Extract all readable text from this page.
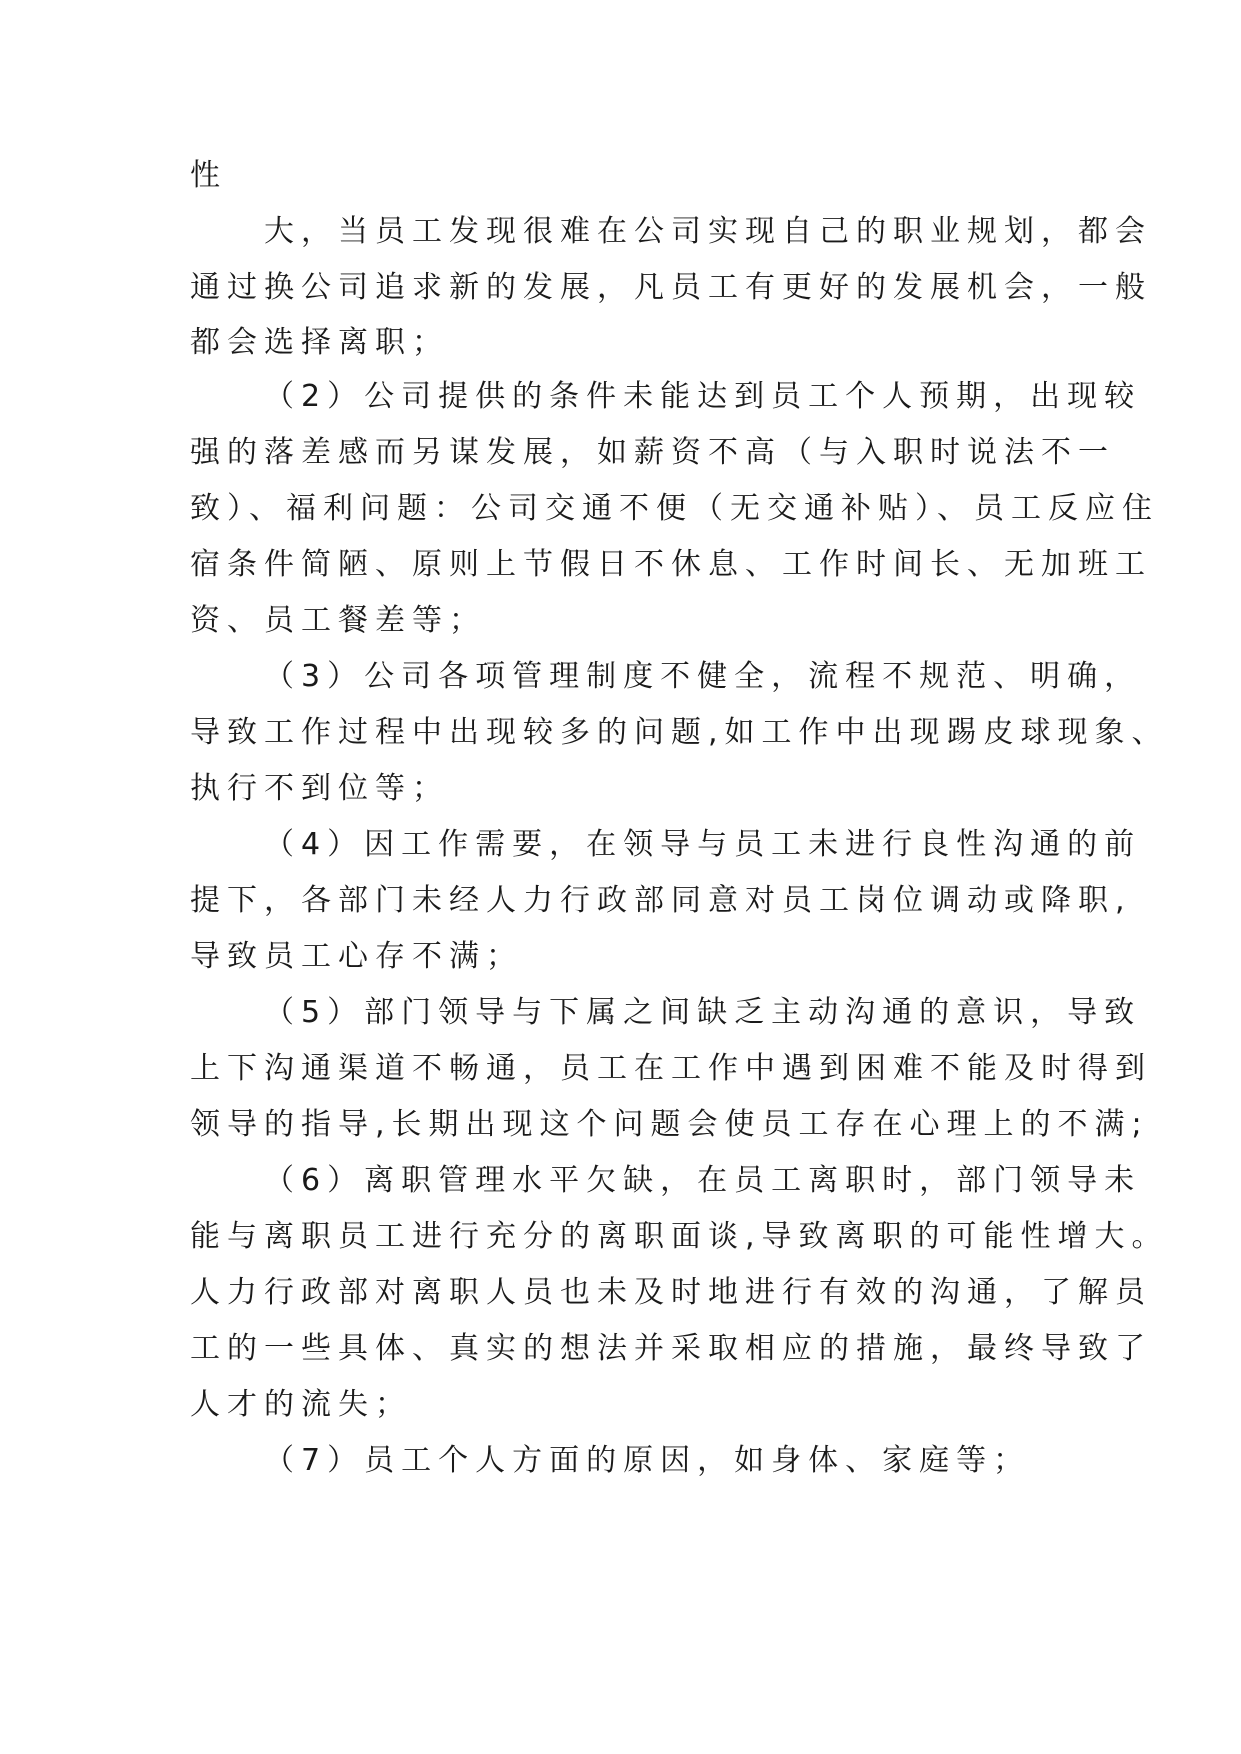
性
大，当员工发现很难在公司实现自己的职业规划，都会
通过换公司追求新的发展，凡员工有更好的发展机会，一般
都会选择离职；
（2）公司提供的条件未能达到员工个人预期，出现较
强的落差感而另谋发展，如薪资不高（与入职时说法不一
致）、福利问题：公司交通不便（无交通补贴）、员工反应住
宿条件简陋、原则上节假日不休息、工作时间长、无加班工
资、员工餐差等；
（3）公司各项管理制度不健全，流程不规范、明确，
导致工作过程中出现较多的问题,如工作中出现踢皮球现象、
执行不到位等；
（4）因工作需要，在领导与员工未进行良性沟通的前
提下，各部门未经人力行政部同意对员工岗位调动或降职,
导致员工心存不满；
（5）部门领导与下属之间缺乏主动沟通的意识，导致
上下沟通渠道不畅通，员工在工作中遇到困难不能及时得到
领导的指导,长期出现这个问题会使员工存在心理上的不满;
（6）离职管理水平欠缺，在员工离职时，部门领导未
能与离职员工进行充分的离职面谈,导致离职的可能性增大。
人力行政部对离职人员也未及时地进行有效的沟通，了解员
工的一些具体、真实的想法并采取相应的措施，最终导致了
人才的流失；
（7）员工个人方面的原因，如身体、家庭等；
